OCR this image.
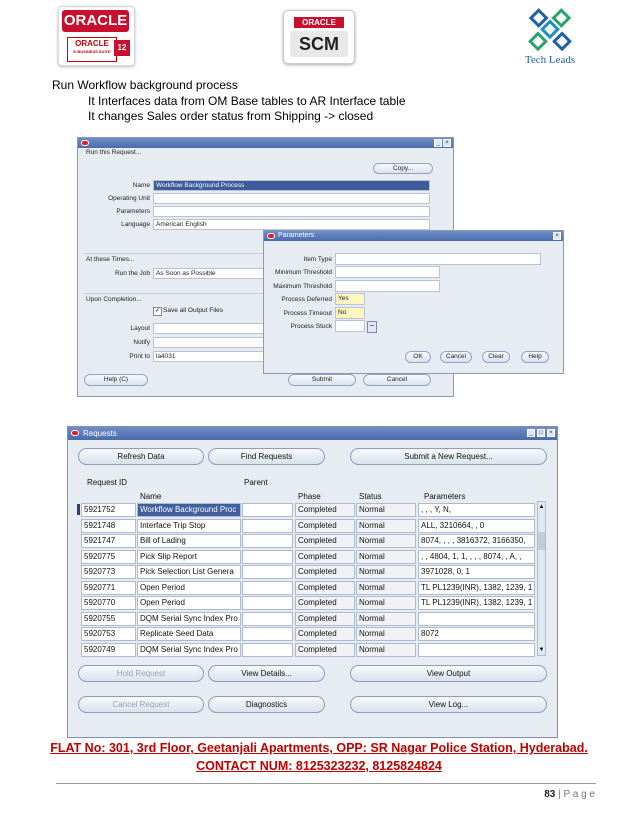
ORACLE
ORACLE
E-BUSINESS SUITE 12
ORACLE
SCM
Tech Leads
Run Workflow background process
It Interfaces data from OM Base tables to AR Interface table
It changes Sales order status from Shipping -> closed
_ ×
Run this Request...
Copy...
Name Workflow Background Process
Operating Unit
Parameters
Language American English
At these Times...
Run the Job As Soon as Possible
Upon Completion...
✓ Save all Output Files
Layout
Notify
Print to la4031
Help (C)	Submit	Cancel
Parameters	×
Item Type
Minimum Threshold
Maximum Threshold
Process Deferred Yes
Process Timeout No
Process Stuck	–
OK	Cancel	Clear	Help
Requests	_	□	×
Refresh Data	Find Requests	Submit a New Request...
Request ID	Parent
Name	Phase	Status	Parameters
5921752	Workflow Background Proc	Completed	Normal	, , , Y, N,
5921748	Interface Trip Stop	Completed	Normal	ALL, 3210664, , 0
5921747	Bill of Lading	Completed	Normal	8074, , , , 3816372, 3166350,
5920775	Pick Slip Report	Completed	Normal	, , 4804, 1, 1, , , , 8074, , A, ,
5920773	Pick Selection List Genera	Completed	Normal	3971028, 0, 1
5920771	Open Period	Completed	Normal	TL PL1239(INR), 1382, 1239, 1
5920770	Open Period	Completed	Normal	TL PL1239(INR), 1382, 1239, 1
5920755	DQM Serial Sync Index Pro	Completed	Normal
5920753	Replicate Seed Data	Completed	Normal	8072
5920749	DQM Serial Sync Index Pro	Completed	Normal
▲
▼
Hold Request	View Details...	View Output
Cancel Request	Diagnostics	View Log...
FLAT No: 301, 3rd Floor, Geetanjali Apartments, OPP: SR Nagar Police Station, Hyderabad.
CONTACT NUM: 8125323232, 8125824824
83 | P a g e
